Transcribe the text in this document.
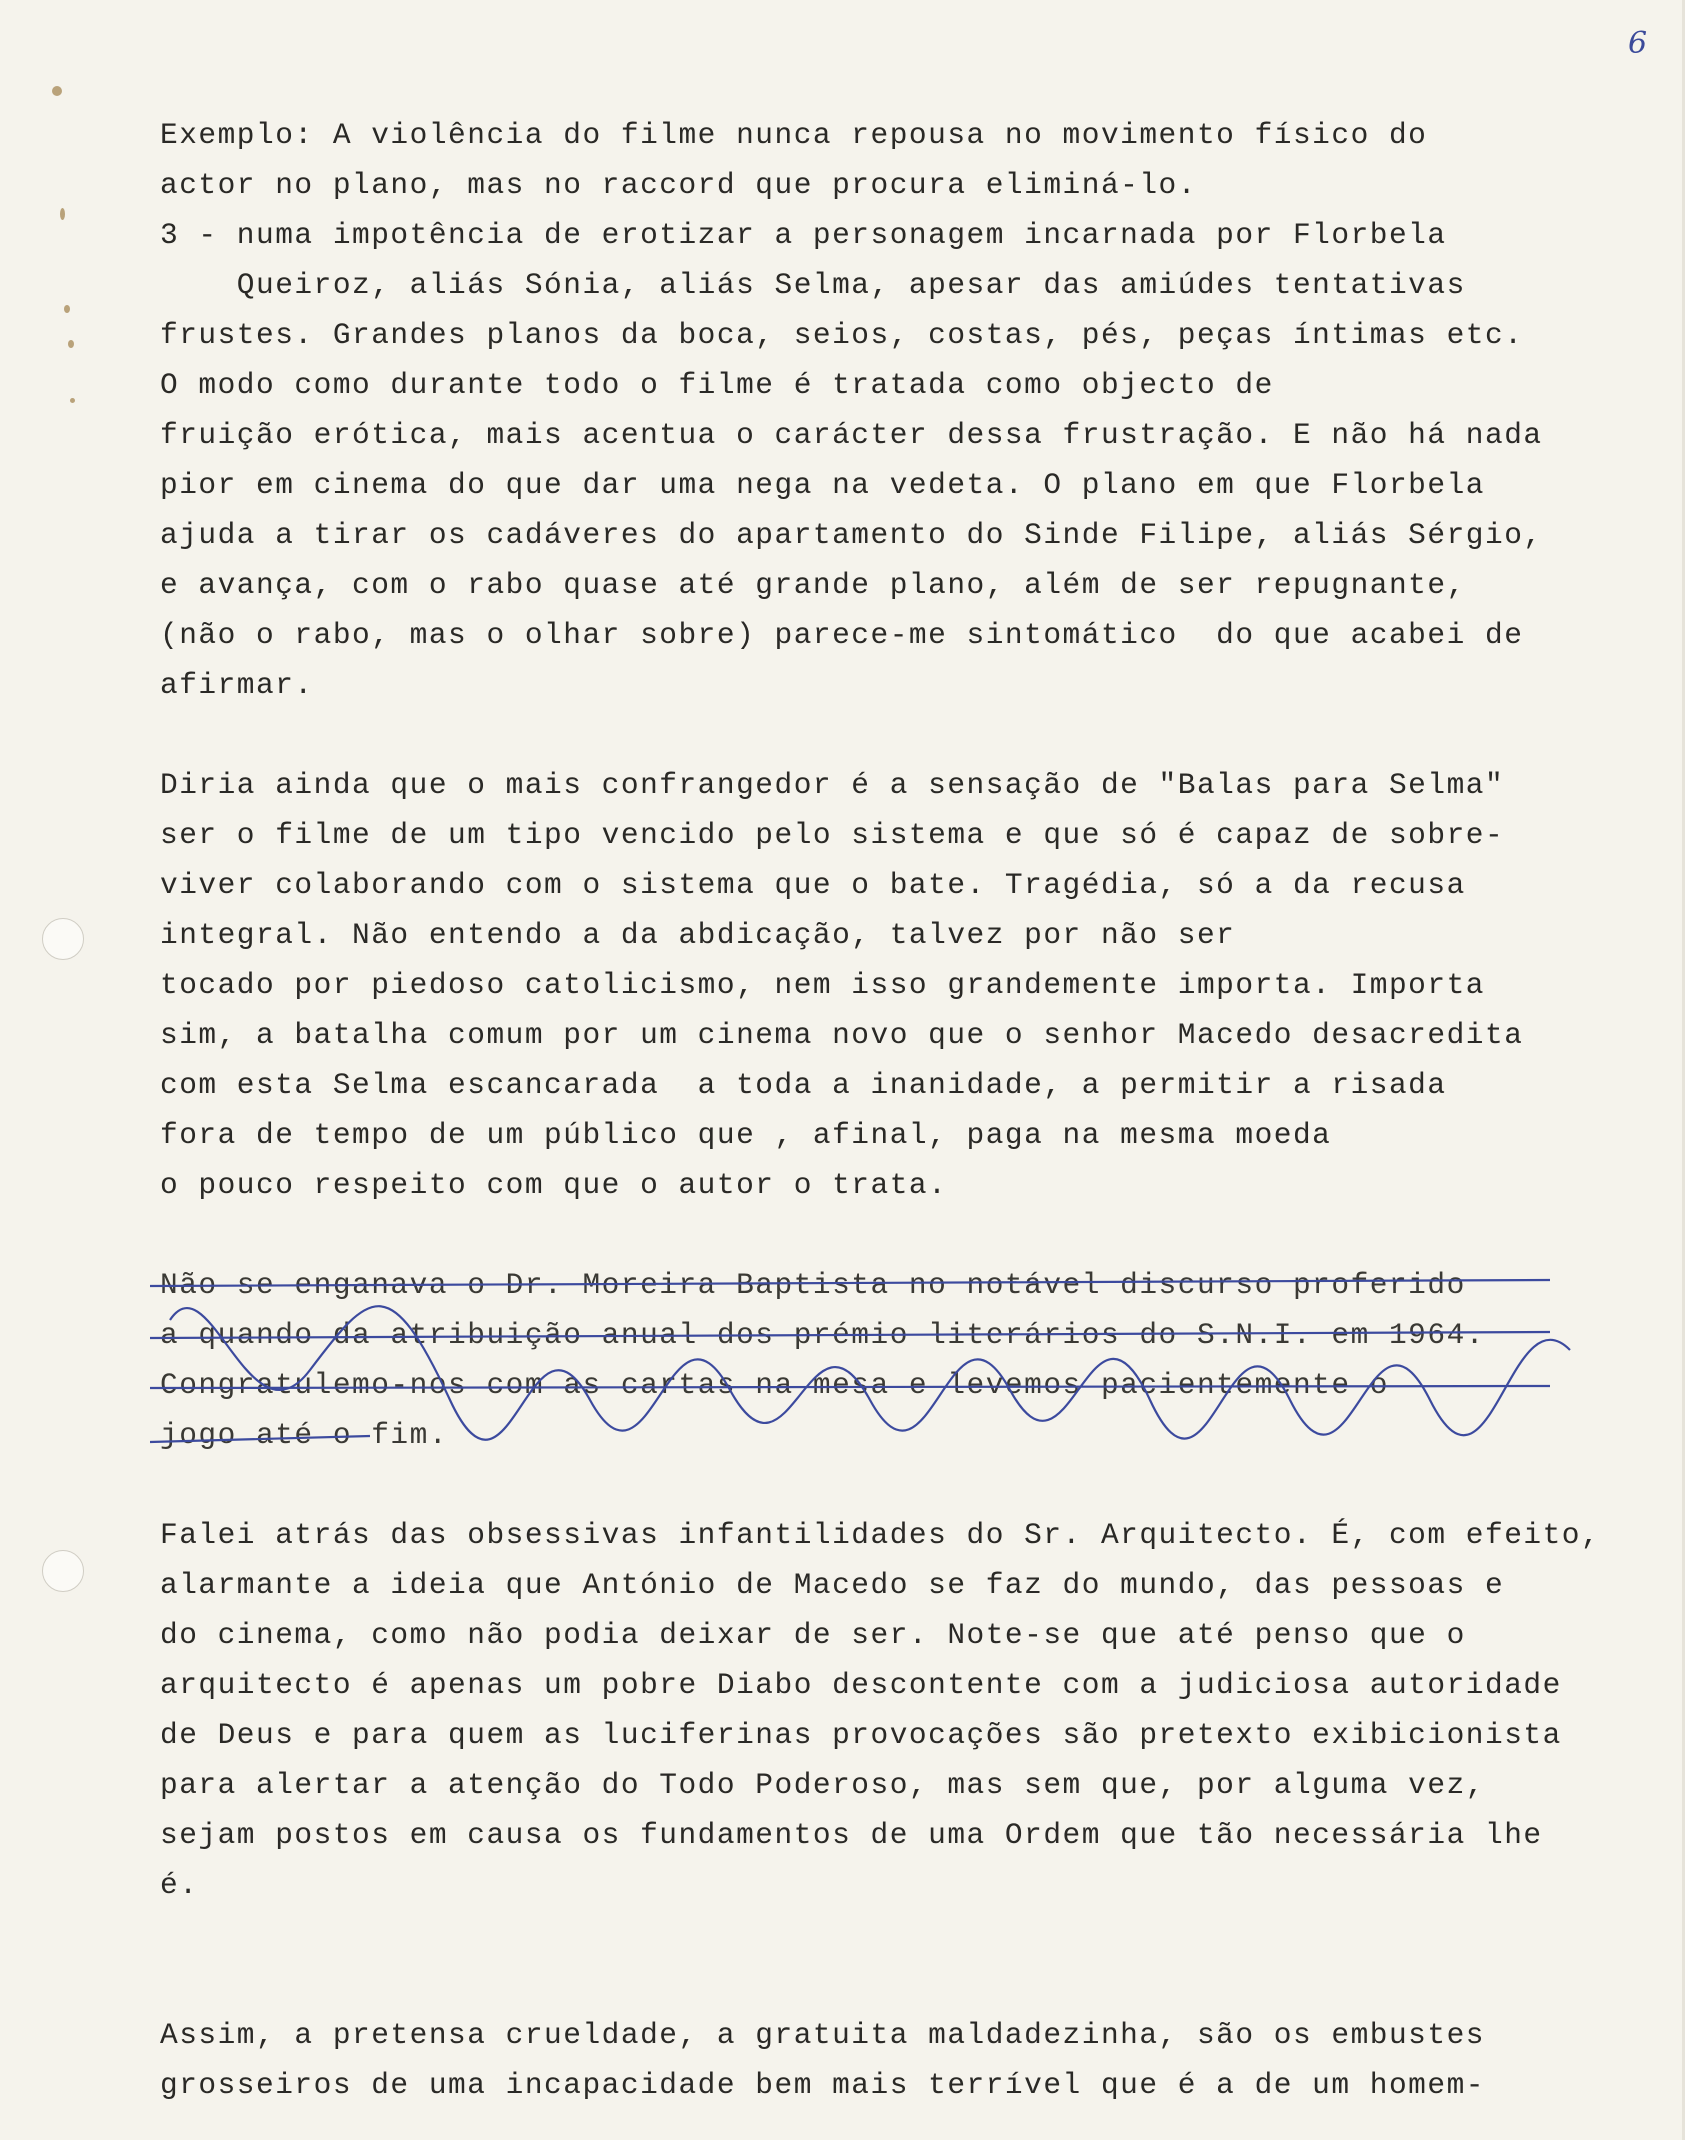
6
Exemplo: A violência do filme nunca repousa no movimento físico do
actor no plano, mas no raccord que procura eliminá-lo.
3 - numa impotência de erotizar a personagem incarnada por Florbela
Queiroz, aliás Sónia, aliás Selma, apesar das amiúdes tentativas
frustes. Grandes planos da boca, seios, costas, pés, peças íntimas etc.
O modo como durante todo o filme é tratada como objecto de
fruição erótica, mais acentua o carácter dessa frustração. E não há nada
pior em cinema do que dar uma nega na vedeta. O plano em que Florbela
ajuda a tirar os cadáveres do apartamento do Sinde Filipe, aliás Sérgio,
e avança, com o rabo quase até grande plano, além de ser repugnante,
(não o rabo, mas o olhar sobre) parece-me sintomático  do que acabei de
afirmar.
Diria ainda que o mais confrangedor é a sensação de "Balas para Selma"
ser o filme de um tipo vencido pelo sistema e que só é capaz de sobre-
viver colaborando com o sistema que o bate. Tragédia, só a da recusa
integral. Não entendo a da abdicação, talvez por não ser
tocado por piedoso catolicismo, nem isso grandemente importa. Importa
sim, a batalha comum por um cinema novo que o senhor Macedo desacredita
com esta Selma escancarada  a toda a inanidade, a permitir a risada
fora de tempo de um público que , afinal, paga na mesma moeda
o pouco respeito com que o autor o trata.
Não se enganava o Dr. Moreira Baptista no notável discurso proferido
a quando da atribuição anual dos prémio literários do S.N.I. em 1964.
Congratulemo-nos com as cartas na mesa e levemos pacientemente o
jogo até o fim.
Falei atrás das obsessivas infantilidades do Sr. Arquitecto. É, com efeito,
alarmante a ideia que António de Macedo se faz do mundo, das pessoas e
do cinema, como não podia deixar de ser. Note-se que até penso que o
arquitecto é apenas um pobre Diabo descontente com a judiciosa autoridade
de Deus e para quem as luciferinas provocações são pretexto exibicionista
para alertar a atenção do Todo Poderoso, mas sem que, por alguma vez,
sejam postos em causa os fundamentos de uma Ordem que tão necessária lhe
é.
Assim, a pretensa crueldade, a gratuita maldadezinha, são os embustes
grosseiros de uma incapacidade bem mais terrível que é a de um homem-
